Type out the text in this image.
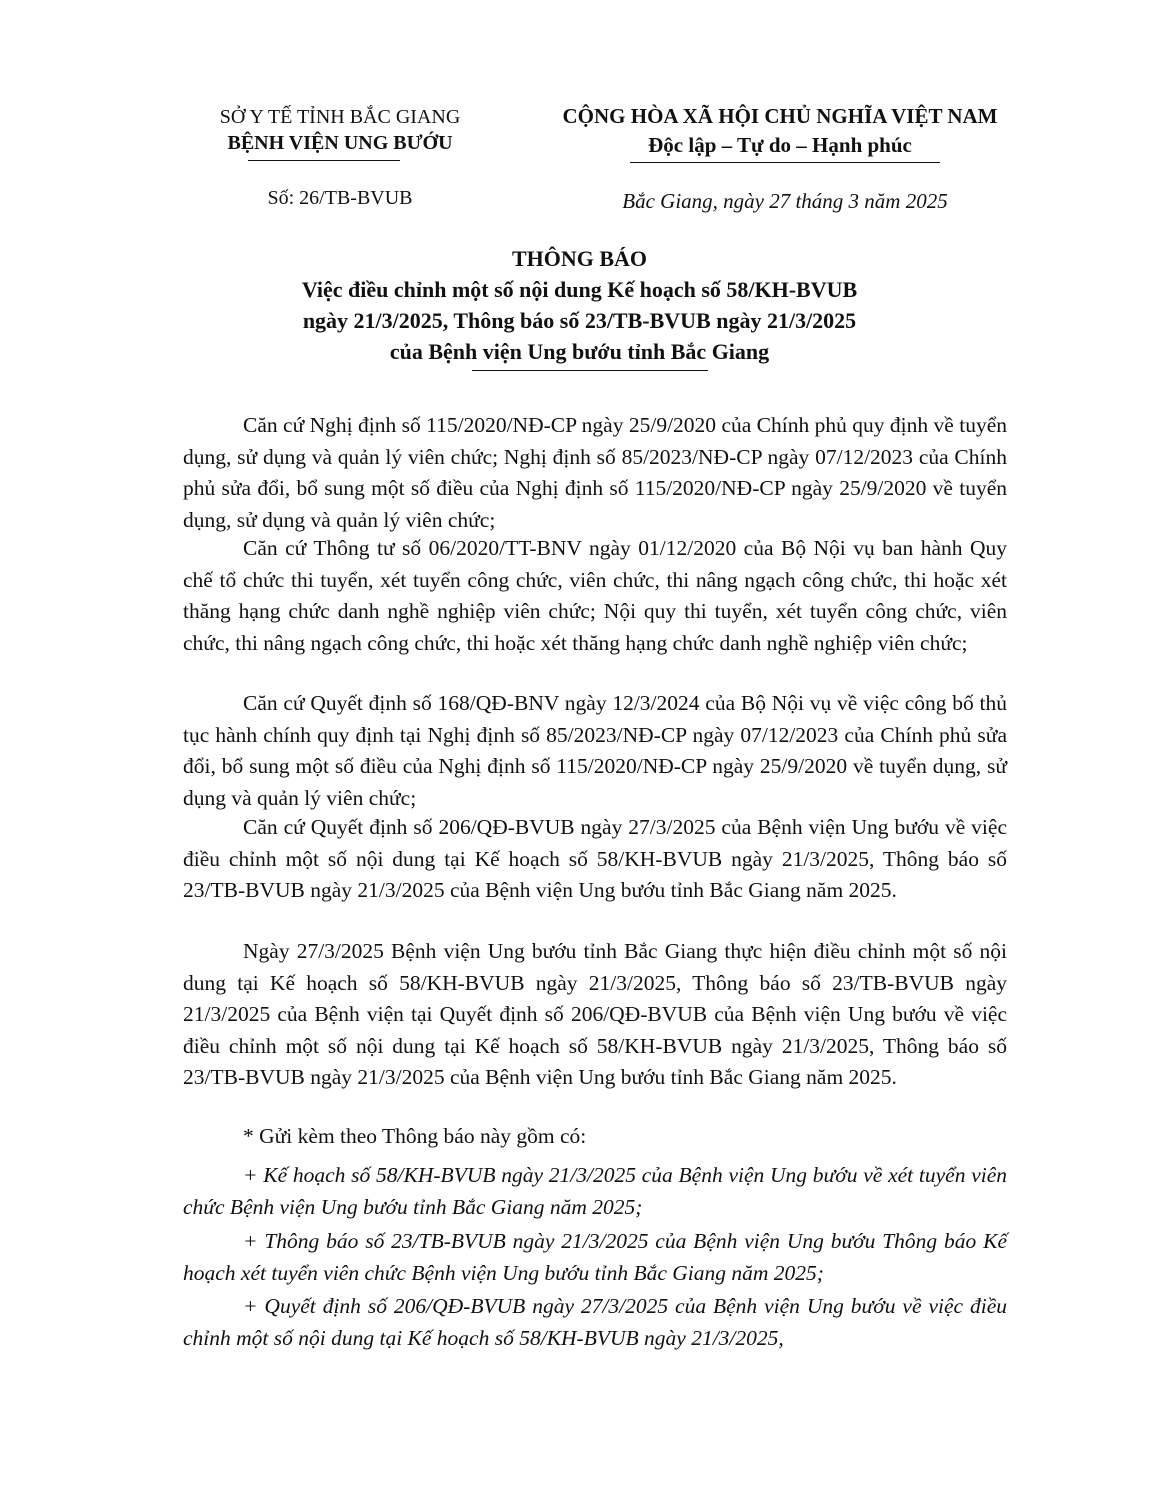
SỞ Y TẾ TỈNH BẮC GIANG
BỆNH VIỆN UNG BƯỚU
Số: 26/TB-BVUB
CỘNG HÒA XÃ HỘI CHỦ NGHĨA VIỆT NAM
Độc lập – Tự do – Hạnh phúc
Bắc Giang, ngày 27 tháng 3 năm 2025
THÔNG BÁO
Việc điều chỉnh một số nội dung Kế hoạch số 58/KH-BVUB
ngày 21/3/2025, Thông báo số 23/TB-BVUB ngày 21/3/2025
của Bệnh viện Ung bướu tỉnh Bắc Giang

Căn cứ Nghị định số 115/2020/NĐ-CP ngày 25/9/2020 của Chính phủ quy định về tuyển dụng, sử dụng và quản lý viên chức; Nghị định số 85/2023/NĐ-CP ngày 07/12/2023 của Chính phủ sửa đổi, bổ sung một số điều của Nghị định số 115/2020/NĐ-CP ngày 25/9/2020 về tuyển dụng, sử dụng và quản lý viên chức;

Căn cứ Thông tư số 06/2020/TT-BNV ngày 01/12/2020 của Bộ Nội vụ ban hành Quy chế tổ chức thi tuyển, xét tuyển công chức, viên chức, thi nâng ngạch công chức, thi hoặc xét thăng hạng chức danh nghề nghiệp viên chức; Nội quy thi tuyển, xét tuyển công chức, viên chức, thi nâng ngạch công chức, thi hoặc xét thăng hạng chức danh nghề nghiệp viên chức;

Căn cứ Quyết định số 168/QĐ-BNV ngày 12/3/2024 của Bộ Nội vụ về việc công bố thủ tục hành chính quy định tại Nghị định số 85/2023/NĐ-CP ngày 07/12/2023 của Chính phủ sửa đổi, bổ sung một số điều của Nghị định số 115/2020/NĐ-CP ngày 25/9/2020 về tuyển dụng, sử dụng và quản lý viên chức;

Căn cứ Quyết định số 206/QĐ-BVUB ngày 27/3/2025 của Bệnh viện Ung bướu về việc điều chỉnh một số nội dung tại Kế hoạch số 58/KH-BVUB ngày 21/3/2025, Thông báo số 23/TB-BVUB ngày 21/3/2025 của Bệnh viện Ung bướu tỉnh Bắc Giang năm 2025.

Ngày 27/3/2025 Bệnh viện Ung bướu tỉnh Bắc Giang thực hiện điều chỉnh một số nội dung tại Kế hoạch số 58/KH-BVUB ngày 21/3/2025, Thông báo số 23/TB-BVUB ngày 21/3/2025 của Bệnh viện tại Quyết định số 206/QĐ-BVUB của Bệnh viện Ung bướu về việc điều chỉnh một số nội dung tại Kế hoạch số 58/KH-BVUB ngày 21/3/2025, Thông báo số 23/TB-BVUB ngày 21/3/2025 của Bệnh viện Ung bướu tỉnh Bắc Giang năm 2025.

* Gửi kèm theo Thông báo này gồm có:

+ Kế hoạch số 58/KH-BVUB ngày 21/3/2025 của Bệnh viện Ung bướu về xét tuyển viên chức Bệnh viện Ung bướu tỉnh Bắc Giang năm 2025;

+ Thông báo số 23/TB-BVUB ngày 21/3/2025 của Bệnh viện Ung bướu Thông báo Kế hoạch xét tuyển viên chức Bệnh viện Ung bướu tỉnh Bắc Giang năm 2025;

+ Quyết định số 206/QĐ-BVUB ngày 27/3/2025 của Bệnh viện Ung bướu về việc điều chỉnh một số nội dung tại Kế hoạch số 58/KH-BVUB ngày 21/3/2025,
